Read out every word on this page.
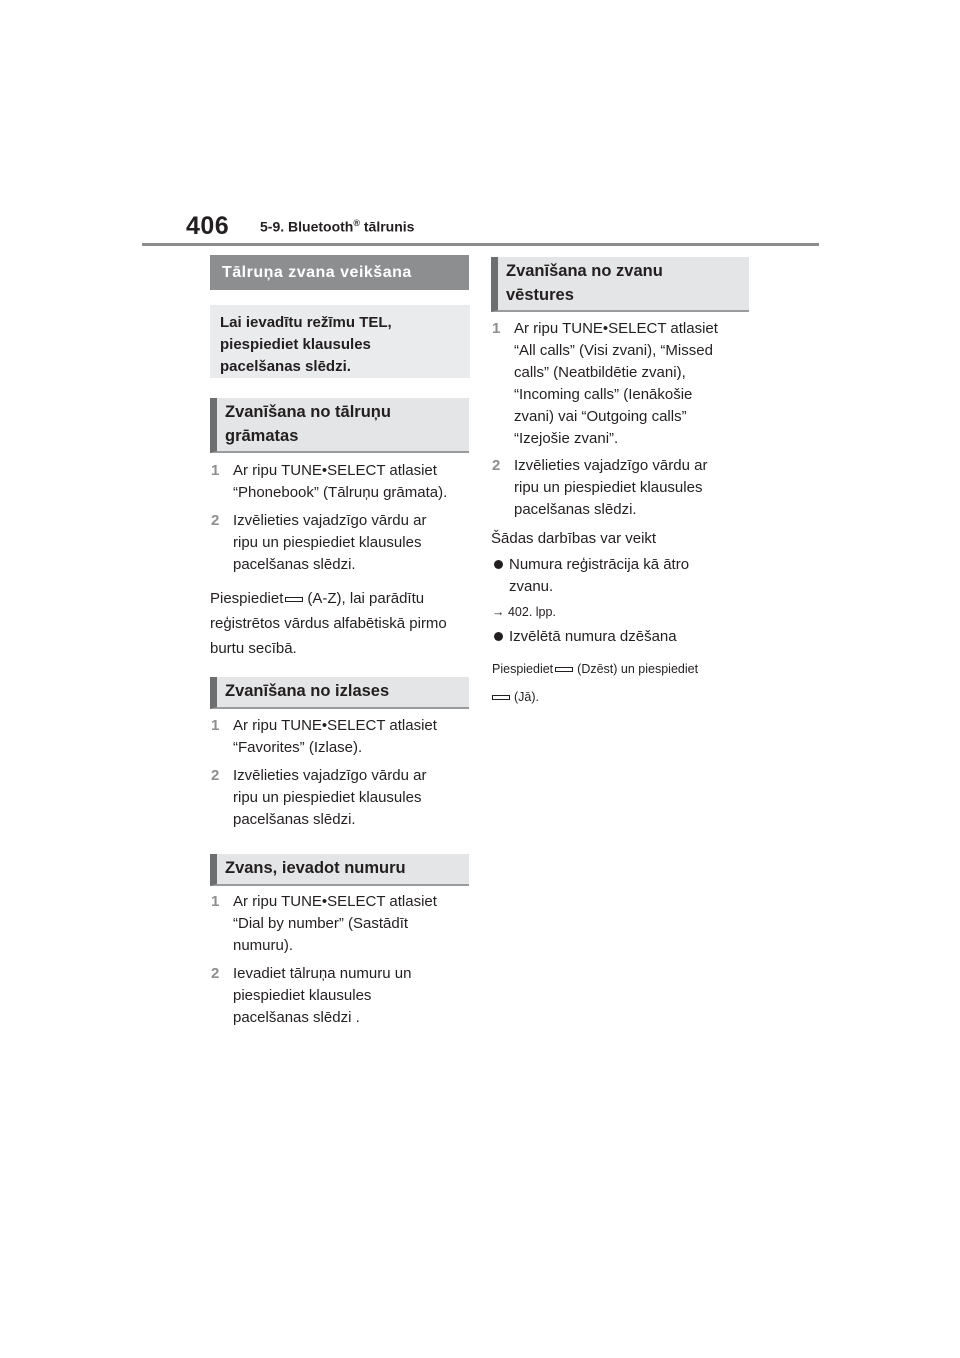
406 5-9. Bluetooth® tālrunis
Tālruņa zvana veikšana
Lai ievadītu režīmu TEL,
piespiediet klausules
pacelšanas slēdzi.
Zvanīšana no tālruņu
grāmatas
1 Ar ripu TUNE•SELECT atlasiet
“Phonebook” (Tālruņu grāmata).
2 Izvēlieties vajadzīgo vārdu ar
ripu un piespiediet klausules
pacelšanas slēdzi.
Piespiediet (A-Z), lai parādītu
reģistrētos vārdus alfabētiskā pirmo
burtu secībā.
Zvanīšana no izlases
1 Ar ripu TUNE•SELECT atlasiet
“Favorites” (Izlase).
2 Izvēlieties vajadzīgo vārdu ar
ripu un piespiediet klausules
pacelšanas slēdzi.
Zvans, ievadot numuru
1 Ar ripu TUNE•SELECT atlasiet
“Dial by number” (Sastādīt
numuru).
2 Ievadiet tālruņa numuru un
piespiediet klausules
pacelšanas slēdzi .
Zvanīšana no zvanu
vēstures
1 Ar ripu TUNE•SELECT atlasiet
“All calls” (Visi zvani), “Missed
calls” (Neatbildētie zvani),
“Incoming calls” (Ienākošie
zvani) vai “Outgoing calls”
“Izejošie zvani”.
2 Izvēlieties vajadzīgo vārdu ar
ripu un piespiediet klausules
pacelšanas slēdzi.
Šādas darbības var veikt
Numura reģistrācija kā ātro
zvanu.
→ 402. lpp.
Izvēlētā numura dzēšana
Piespiediet (Dzēst) un piespiediet
(Jā).
